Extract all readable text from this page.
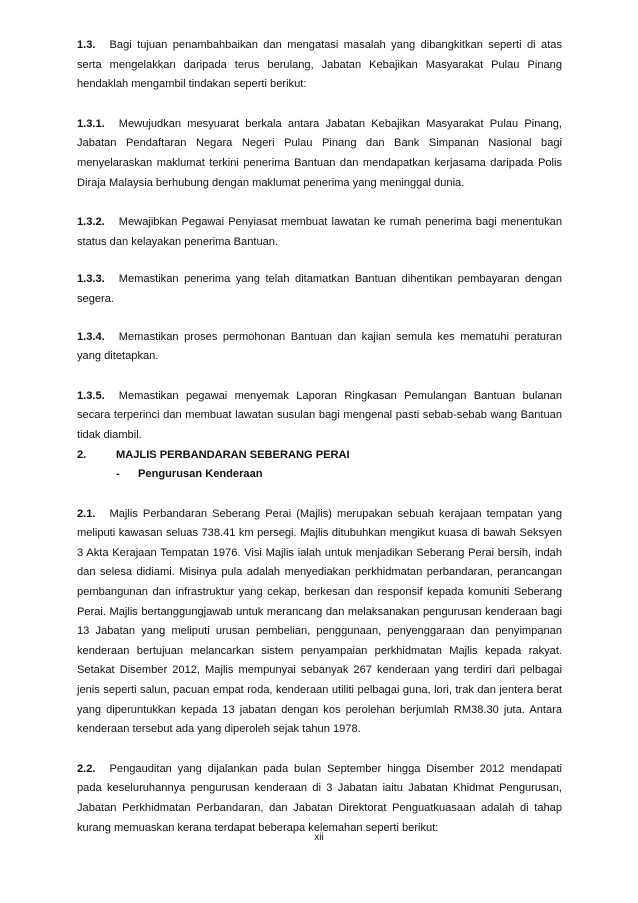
1.3. Bagi tujuan penambahbaikan dan mengatasi masalah yang dibangkitkan seperti di atas serta mengelakkan daripada terus berulang, Jabatan Kebajikan Masyarakat Pulau Pinang hendaklah mengambil tindakan seperti berikut:

1.3.1. Mewujudkan mesyuarat berkala antara Jabatan Kebajikan Masyarakat Pulau Pinang, Jabatan Pendaftaran Negara Negeri Pulau Pinang dan Bank Simpanan Nasional bagi menyelaraskan maklumat terkini penerima Bantuan dan mendapatkan kerjasama daripada Polis Diraja Malaysia berhubung dengan maklumat penerima yang meninggal dunia.

1.3.2. Mewajibkan Pegawai Penyiasat membuat lawatan ke rumah penerima bagi menentukan status dan kelayakan penerima Bantuan.

1.3.3. Memastikan penerima yang telah ditamatkan Bantuan dihentikan pembayaran dengan segera.

1.3.4. Memastikan proses permohonan Bantuan dan kajian semula kes mematuhi peraturan yang ditetapkan.

1.3.5. Memastikan pegawai menyemak Laporan Ringkasan Pemulangan Bantuan bulanan secara terperinci dan membuat lawatan susulan bagi mengenal pasti sebab-sebab wang Bantuan tidak diambil.

2.	MAJLIS PERBANDARAN SEBERANG PERAI

- Pengurusan Kenderaan

2.1. Majlis Perbandaran Seberang Perai (Majlis) merupakan sebuah kerajaan tempatan yang meliputi kawasan seluas 738.41 km persegi. Majlis ditubuhkan mengikut kuasa di bawah Seksyen 3 Akta Kerajaan Tempatan 1976. Visi Majlis ialah untuk menjadikan Seberang Perai bersih, indah dan selesa didiami. Misinya pula adalah menyediakan perkhidmatan perbandaran, perancangan pembangunan dan infrastruktur yang cekap, berkesan dan responsif kepada komuniti Seberang Perai. Majlis bertanggungjawab untuk merancang dan melaksanakan pengurusan kenderaan bagi 13 Jabatan yang meliputi urusan pembelian, penggunaan, penyenggaraan dan penyimpanan kenderaan bertujuan melancarkan sistem penyampaian perkhidmatan Majlis kepada rakyat. Setakat Disember 2012, Majlis mempunyai sebanyak 267 kenderaan yang terdiri dari pelbagai jenis seperti salun, pacuan empat roda, kenderaan utiliti pelbagai guna, lori, trak dan jentera berat yang diperuntukkan kepada 13 jabatan dengan kos perolehan berjumlah RM38.30 juta. Antara kenderaan tersebut ada yang diperoleh sejak tahun 1978.

2.2. Pengauditan yang dijalankan pada bulan September hingga Disember 2012 mendapati pada keseluruhannya pengurusan kenderaan di 3 Jabatan iaitu Jabatan Khidmat Pengurusan, Jabatan Perkhidmatan Perbandaran, dan Jabatan Direktorat Penguatkuasaan adalah di tahap kurang memuaskan kerana terdapat beberapa kelemahan seperti berikut:

xii
